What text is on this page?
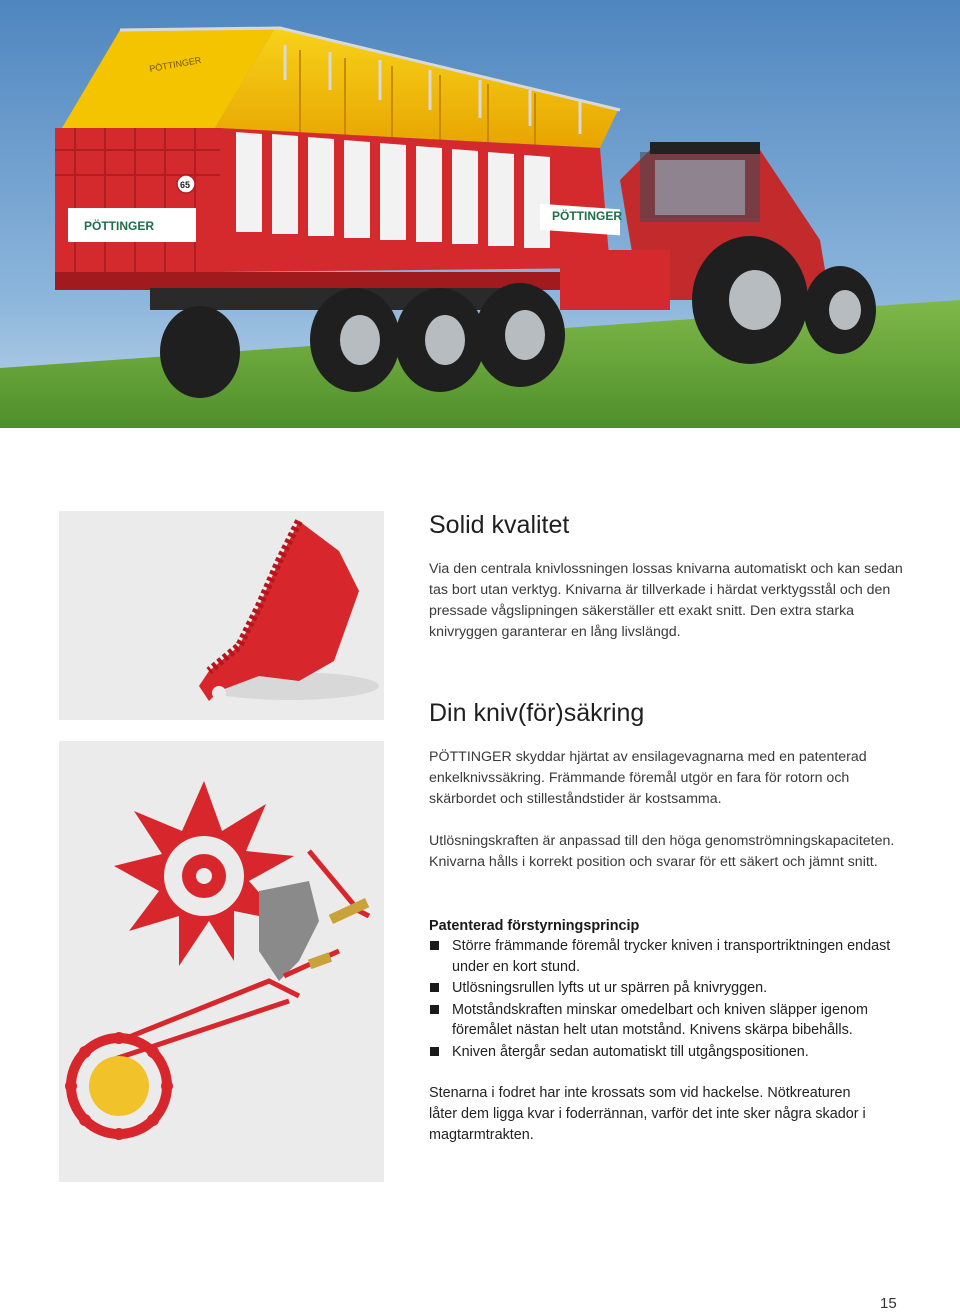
PÖTTINGER
PÖTTINGER
PÖTTINGER
65
Solid kvalitet

Via den centrala knivlossningen lossas knivarna automatiskt och kan sedan tas bort utan verktyg. Knivarna är tillverkade i härdat verktygsstål och den pressade vågslipningen säkerställer ett exakt snitt. Den extra starka knivryggen garanterar en lång livslängd.

Din kniv(för)säkring

PÖTTINGER skyddar hjärtat av ensilagevagnarna med en patenterad enkelknivssäkring. Främmande föremål utgör en fara för rotorn och skärbordet och stilleståndstider är kostsamma.

Utlösningskraften är anpassad till den höga genomströmningskapaciteten. Knivarna hålls i korrekt position och svarar för ett säkert och jämnt snitt.

Patenterad förstyrningsprincip

Större främmande föremål trycker kniven i transportriktningen endast under en kort stund.
Utlösningsrullen lyfts ut ur spärren på knivryggen.
Motståndskraften minskar omedelbart och kniven släpper igenom föremålet nästan helt utan motstånd. Knivens skärpa bibehålls.
Kniven återgår sedan automatiskt till utgångspositionen.

Stenarna i fodret har inte krossats som vid hackelse. Nötkreaturen låter dem ligga kvar i foderrännan, varför det inte sker några skador i magtarmtrakten.

15
